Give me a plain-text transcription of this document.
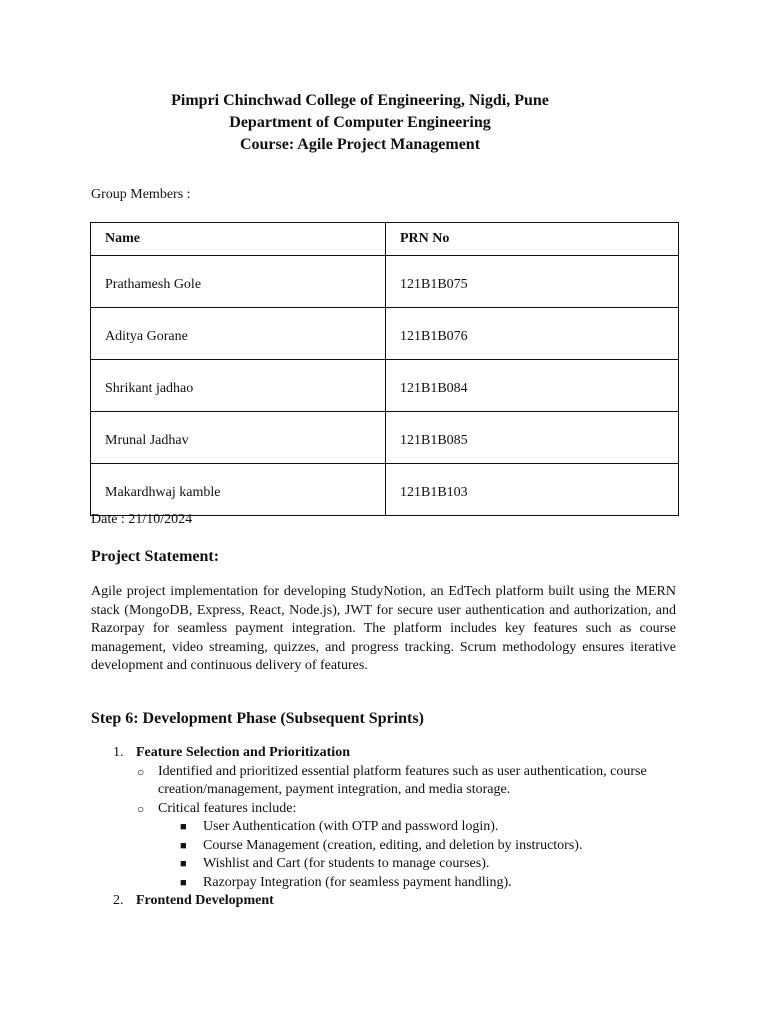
Pimpri Chinchwad College of Engineering, Nigdi, Pune
Department of Computer Engineering
Course: Agile Project Management
Group Members :
Name	PRN No
Prathamesh Gole	121B1B075
Aditya Gorane	121B1B076
Shrikant jadhao	121B1B084
Mrunal Jadhav	121B1B085
Makardhwaj kamble	121B1B103
Date : 21/10/2024
Project Statement:
Agile project implementation for developing StudyNotion, an EdTech platform built using the MERN stack (MongoDB, Express, React, Node.js), JWT for secure user authentication and authorization, and Razorpay for seamless payment integration. The platform includes key features such as course management, video streaming, quizzes, and progress tracking. Scrum methodology ensures iterative development and continuous delivery of features.
Step 6: Development Phase (Subsequent Sprints)
1. Feature Selection and Prioritization
○ Identified and prioritized essential platform features such as user authentication, course creation/management, payment integration, and media storage.
○ Critical features include:
■ User Authentication (with OTP and password login).
■ Course Management (creation, editing, and deletion by instructors).
■ Wishlist and Cart (for students to manage courses).
■ Razorpay Integration (for seamless payment handling).
2. Frontend Development
